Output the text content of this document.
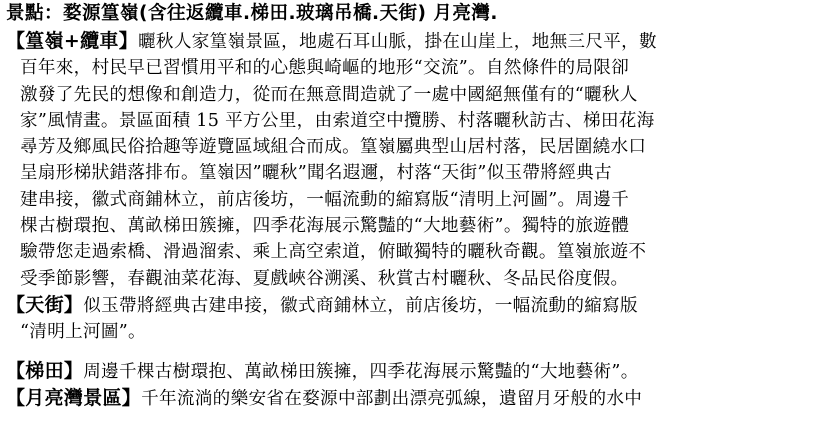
景點：婺源篁嶺(含往返纜車.梯田.玻璃吊橋.天街) 月亮灣.
【篁嶺+纜車】曬秋人家篁嶺景區，地處石耳山脈，掛在山崖上，地無三尺平，數
百年來，村民早已習慣用平和的心態與崎嶇的地形“交流”。自然條件的局限卻
激發了先民的想像和創造力，從而在無意間造就了一處中國絕無僅有的“曬秋人
家”風情畫。景區面積 15 平方公里，由索道空中攬勝、村落曬秋訪古、梯田花海
尋芳及鄉風民俗拾趣等遊覽區域組合而成。篁嶺屬典型山居村落，民居圍繞水口
呈扇形梯狀錯落排布。篁嶺因”曬秋”聞名遐邇，村落“天街”似玉帶將經典古
建串接，徽式商鋪林立，前店後坊，一幅流動的縮寫版“清明上河圖”。周邊千
棵古樹環抱、萬畝梯田簇擁，四季花海展示驚豔的“大地藝術”。獨特的旅遊體
驗帶您走過索橋、滑過溜索、乘上高空索道，俯瞰獨特的曬秋奇觀。篁嶺旅遊不
受季節影響，春觀油菜花海、夏戲峽谷溯溪、秋賞古村曬秋、冬品民俗度假。
【天街】似玉帶將經典古建串接，徽式商鋪林立，前店後坊，一幅流動的縮寫版
“清明上河圖”。
【梯田】周邊千棵古樹環抱、萬畝梯田簇擁，四季花海展示驚豔的“大地藝術”。
【月亮灣景區】千年流淌的樂安省在婺源中部劃出漂亮弧線，遺留月牙般的水中
